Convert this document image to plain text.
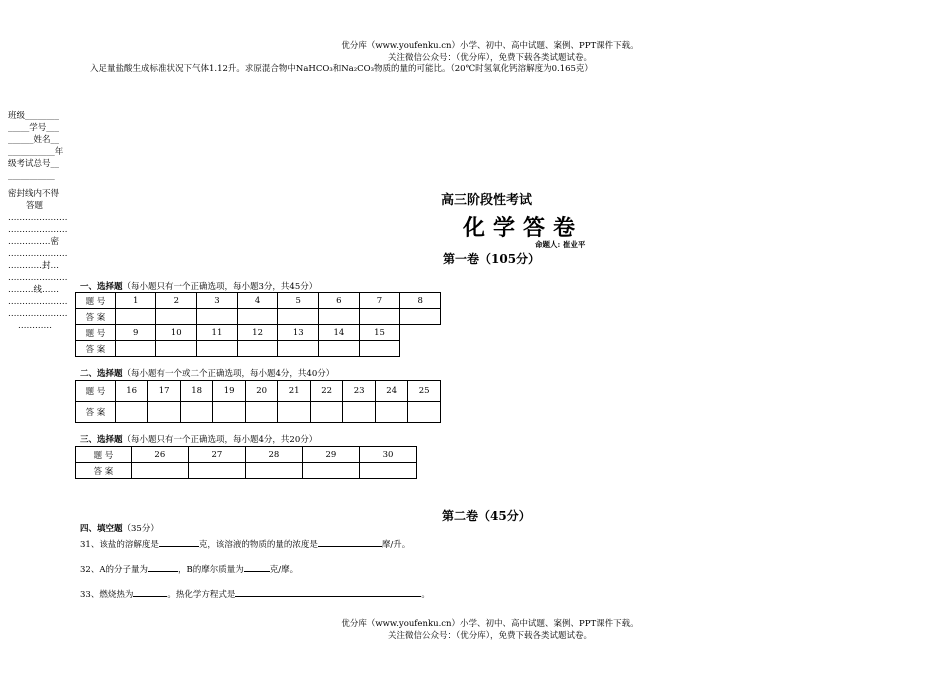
优分库（www.youfenku.cn）小学、初中、高中试题、案例、PPT课件下载。
关注微信公众号：（优分库），免费下载各类试题试卷。
入足量盐酸生成标准状况下气体1.12升。求原混合物中NaHCO₃和Na₂CO₃物质的量的可能比。（20℃时氢氧化钙溶解度为0.165克）
班级________
_____学号___
______姓名__
___________年
级考试总号__
___________
密封线内不得
答题
…………………
…………………
……………密
…………………
…………封…
…………………
………线……
…………………
…………………
…………
高三阶段性考试
化学答卷
命题人: 崔业平
第一卷（105分）
一、选择题（每小题只有一个正确选项，每小题3分，共45分）
题 号	1	2	3	4	5	6	7	8
答 案								
题 号	9	10	11	12	13	14	15	
答 案								
二、选择题（每小题有一个或二个正确选项，每小题4分，共40分）
题 号	16	17	18	19	20	21	22	23	24	25
答 案										
三、选择题（每小题只有一个正确选项，每小题4分，共20分）
题 号	26	27	28	29	30
答 案					
第二卷（45分）
四、填空题（35分）
31、该盐的溶解度是	克，该溶液的物质的量的浓度是	摩/升。
32、A的分子量为	，B的摩尔质量为	克/摩。
33、燃烧热为	。热化学方程式是	。
优分库（www.youfenku.cn）小学、初中、高中试题、案例、PPT课件下载。
关注微信公众号：（优分库），免费下载各类试题试卷。
